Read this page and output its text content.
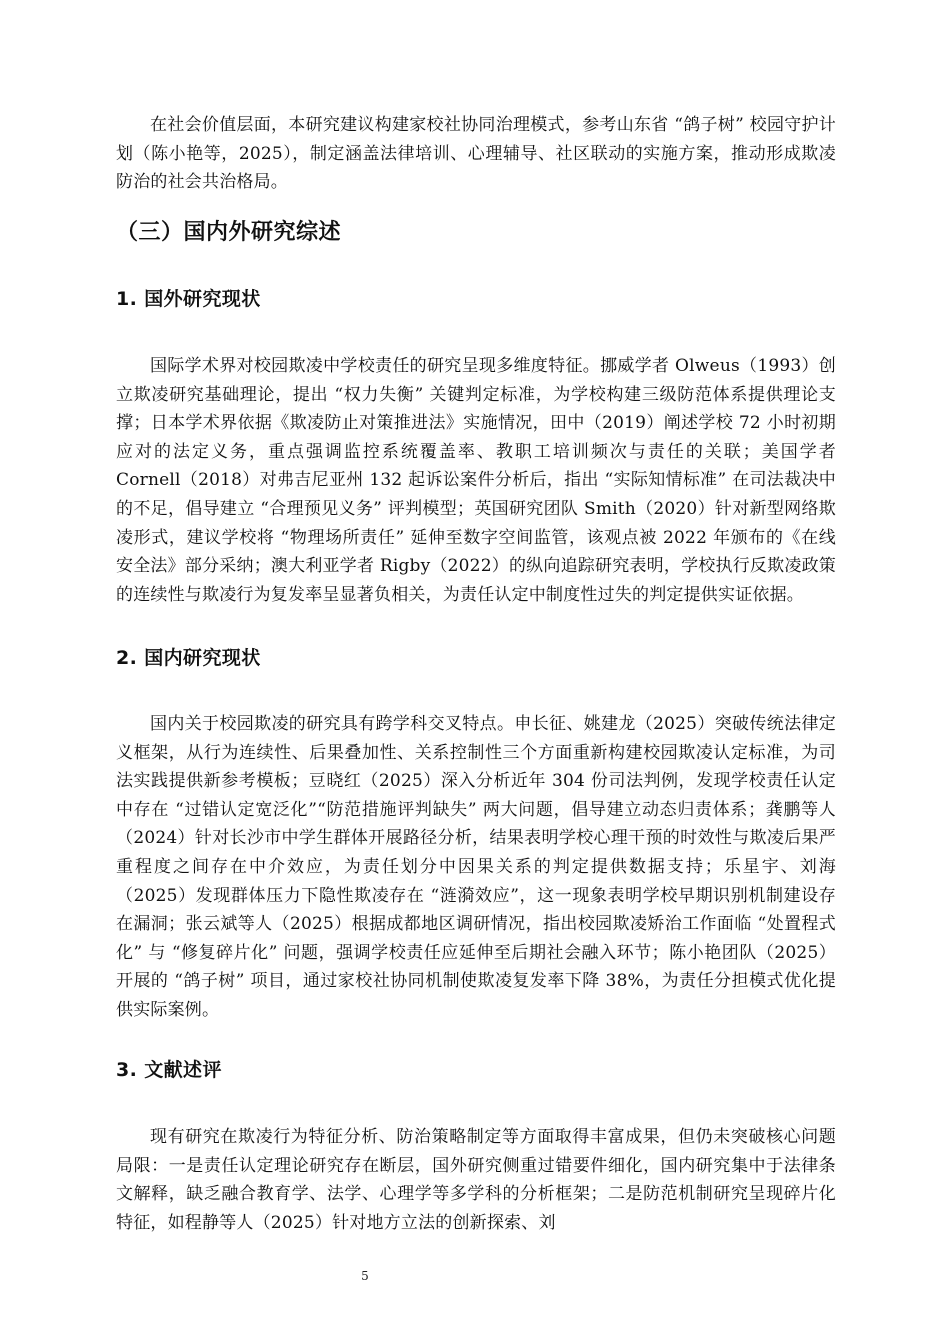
在社会价值层面，本研究建议构建家校社协同治理模式，参考山东省 “鸽子树” 校园守护计划（陈小艳等，2025），制定涵盖法律培训、心理辅导、社区联动的实施方案，推动形成欺凌防治的社会共治格局。

（三）国内外研究综述
1. 国外研究现状

国际学术界对校园欺凌中学校责任的研究呈现多维度特征。挪威学者 Olweus（1993）创立欺凌研究基础理论，提出 “权力失衡” 关键判定标准，为学校构建三级防范体系提供理论支撑；日本学术界依据《欺凌防止对策推进法》实施情况，田中（2019）阐述学校 72 小时初期应对的法定义务，重点强调监控系统覆盖率、教职工培训频次与责任的关联；美国学者 Cornell（2018）对弗吉尼亚州 132 起诉讼案件分析后，指出 “实际知情标准” 在司法裁决中的不足，倡导建立 “合理预见义务” 评判模型；英国研究团队 Smith（2020）针对新型网络欺凌形式，建议学校将 “物理场所责任” 延伸至数字空间监管，该观点被 2022 年颁布的《在线安全法》部分采纳；澳大利亚学者 Rigby（2022）的纵向追踪研究表明，学校执行反欺凌政策的连续性与欺凌行为复发率呈显著负相关，为责任认定中制度性过失的判定提供实证依据。

2. 国内研究现状

国内关于校园欺凌的研究具有跨学科交叉特点。申长征、姚建龙（2025）突破传统法律定义框架，从行为连续性、后果叠加性、关系控制性三个方面重新构建校园欺凌认定标准，为司法实践提供新参考模板；豆晓红（2025）深入分析近年 304 份司法判例，发现学校责任认定中存在 “过错认定宽泛化”“防范措施评判缺失” 两大问题，倡导建立动态归责体系；龚鹏等人（2024）针对长沙市中学生群体开展路径分析，结果表明学校心理干预的时效性与欺凌后果严重程度之间存在中介效应，为责任划分中因果关系的判定提供数据支持；乐星宇、刘海（2025）发现群体压力下隐性欺凌存在 “涟漪效应”，这一现象表明学校早期识别机制建设存在漏洞；张云斌等人（2025）根据成都地区调研情况，指出校园欺凌矫治工作面临 “处置程式化” 与 “修复碎片化” 问题，强调学校责任应延伸至后期社会融入环节；陈小艳团队（2025）开展的 “鸽子树” 项目，通过家校社协同机制使欺凌复发率下降 38%，为责任分担模式优化提供实际案例。

3. 文献述评

现有研究在欺凌行为特征分析、防治策略制定等方面取得丰富成果，但仍未突破核心问题局限：一是责任认定理论研究存在断层，国外研究侧重过错要件细化，国内研究集中于法律条文解释，缺乏融合教育学、法学、心理学等多学科的分析框架；二是防范机制研究呈现碎片化特征，如程静等人（2025）针对地方立法的创新探索、刘

5
